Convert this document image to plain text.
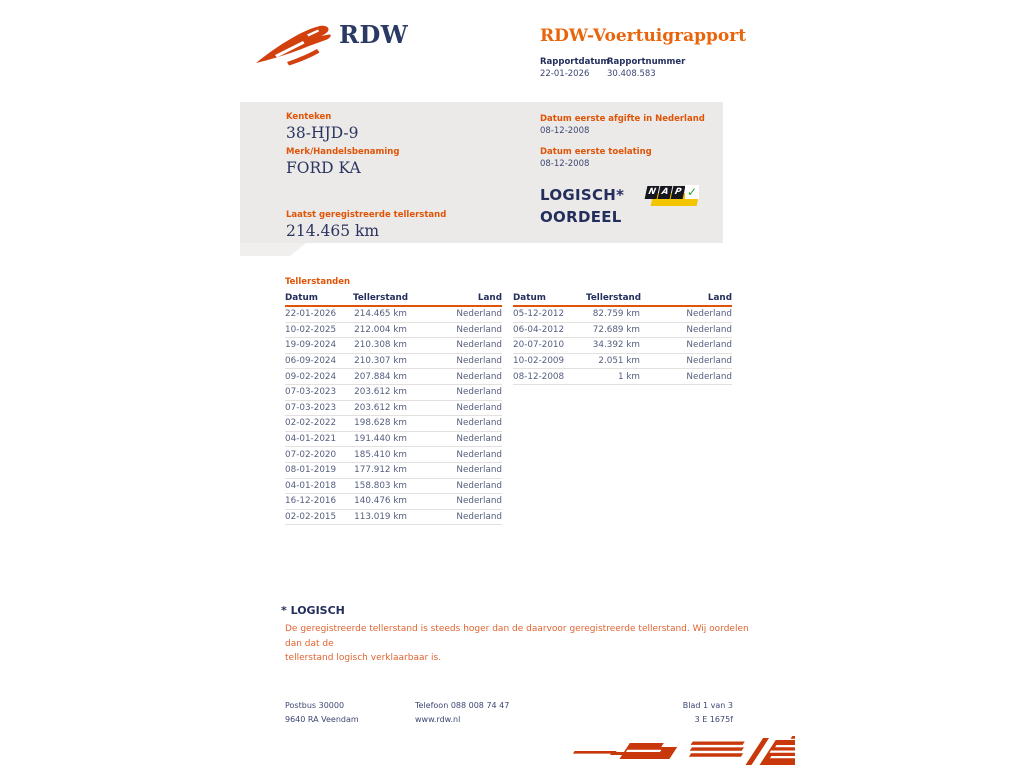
RDW	RDW-Voertuigrapport
Rapportdatum
Rapportnummer
22-01-2026 30.408.583
Kenteken
38-HJD-9
Merk/Handelsbenaming
FORD KA
Laatst geregistreerde tellerstand
214.465 km
Datum eerste afgifte in Nederland
08-12-2008
Datum eerste toelating
08-12-2008
LOGISCH*
OORDEEL
N A P ✓
Tellerstanden
Datum	Tellerstand	Land
22-01-2026	214.465 km	Nederland
10-02-2025	212.004 km	Nederland
19-09-2024	210.308 km	Nederland
06-09-2024	210.307 km	Nederland
09-02-2024	207.884 km	Nederland
07-03-2023	203.612 km	Nederland
07-03-2023	203.612 km	Nederland
02-02-2022	198.628 km	Nederland
04-01-2021	191.440 km	Nederland
07-02-2020	185.410 km	Nederland
08-01-2019	177.912 km	Nederland
04-01-2018	158.803 km	Nederland
16-12-2016	140.476 km	Nederland
02-02-2015	113.019 km	Nederland
Datum	Tellerstand	Land
05-12-2012	82.759 km	Nederland
06-04-2012	72.689 km	Nederland
20-07-2010	34.392 km	Nederland
10-02-2009	2.051 km	Nederland
08-12-2008	1 km	Nederland
* LOGISCH
De geregistreerde tellerstand is steeds hoger dan de daarvoor geregistreerde tellerstand. Wij oordelen dan dat de
tellerstand logisch verklaarbaar is.
Postbus 30000
9640 RA Veendam
Telefoon 088 008 74 47
www.rdw.nl
Blad 1 van 3
3 E 1675f
